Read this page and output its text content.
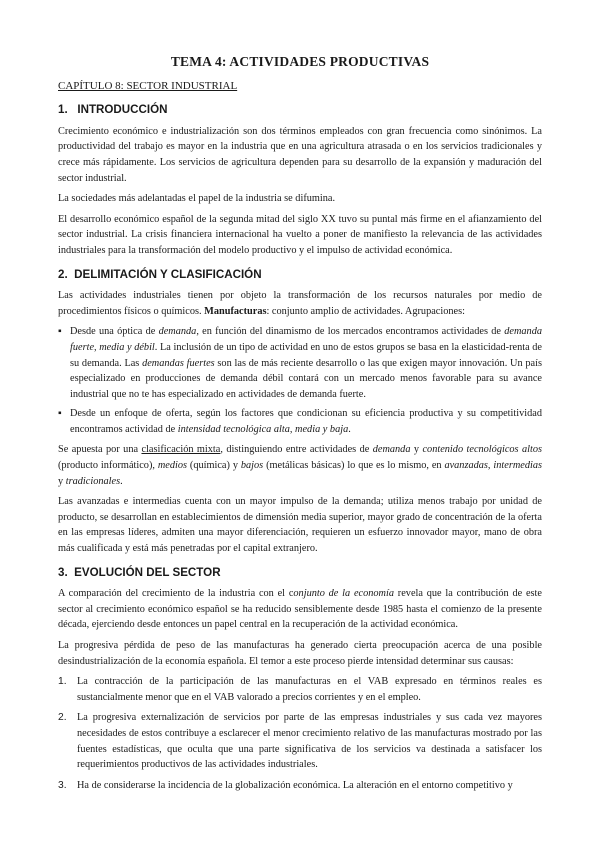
TEMA 4: ACTIVIDADES PRODUCTIVAS
CAPÍTULO 8: SECTOR INDUSTRIAL
1. INTRODUCCIÓN

Crecimiento económico e industrialización son dos términos empleados con gran frecuencia como sinónimos. La productividad del trabajo es mayor en la industria que en una agricultura atrasada o en los servicios tradicionales y crece más rápidamente. Los servicios de agricultura dependen para su desarrollo de la expansión y maduración del sector industrial.

La sociedades más adelantadas el papel de la industria se difumina.

El desarrollo económico español de la segunda mitad del siglo XX tuvo su puntal más firme en el afianzamiento del sector industrial. La crisis financiera internacional ha vuelto a poner de manifiesto la relevancia de las actividades industriales para la transformación del modelo productivo y el impulso de actividad económica.

2. DELIMITACIÓN Y CLASIFICACIÓN

Las actividades industriales tienen por objeto la transformación de los recursos naturales por medio de procedimientos físicos o químicos. Manufacturas: conjunto amplio de actividades. Agrupaciones:

▪ Desde una óptica de demanda, en función del dinamismo de los mercados encontramos actividades de demanda fuerte, media y débil. La inclusión de un tipo de actividad en uno de estos grupos se basa en la elasticidad-renta de su demanda. Las demandas fuertes son las de más reciente desarrollo o las que exigen mayor innovación. Un país especializado en producciones de demanda débil contará con un mercado menos favorable para su avance industrial que no te has especializado en actividades de demanda fuerte.
▪ Desde un enfoque de oferta, según los factores que condicionan su eficiencia productiva y su competitividad encontramos actividad de intensidad tecnológica alta, media y baja.

Se apuesta por una clasificación mixta, distinguiendo entre actividades de demanda y contenido tecnológicos altos (producto informático), medios (química) y bajos (metálicas básicas) lo que es lo mismo, en avanzadas, intermedias y tradicionales.

Las avanzadas e intermedias cuenta con un mayor impulso de la demanda; utiliza menos trabajo por unidad de producto, se desarrollan en establecimientos de dimensión media superior, mayor grado de concentración de la oferta en las empresas líderes, admiten una mayor diferenciación, requieren un esfuerzo innovador mayor, mano de obra más cualificada y está más penetradas por el capital extranjero.

3. EVOLUCIÓN DEL SECTOR

A comparación del crecimiento de la industria con el conjunto de la economía revela que la contribución de este sector al crecimiento económico español se ha reducido sensiblemente desde 1985 hasta el comienzo de la presente década, ejerciendo desde entonces un papel central en la recuperación de la actividad económica.

La progresiva pérdida de peso de las manufacturas ha generado cierta preocupación acerca de una posible desindustrialización de la economía española. El temor a este proceso pierde intensidad determinar sus causas:

1. La contracción de la participación de las manufacturas en el VAB expresado en términos reales es sustancialmente menor que en el VAB valorado a precios corrientes y en el empleo.
2. La progresiva externalización de servicios por parte de las empresas industriales y sus cada vez mayores necesidades de estos contribuye a esclarecer el menor crecimiento relativo de las manufacturas mostrado por las fuentes estadísticas, que oculta que una parte significativa de los servicios va destinada a satisfacer los requerimientos productivos de las actividades industriales.
3. Ha de considerarse la incidencia de la globalización económica. La alteración en el entorno competitivo y
